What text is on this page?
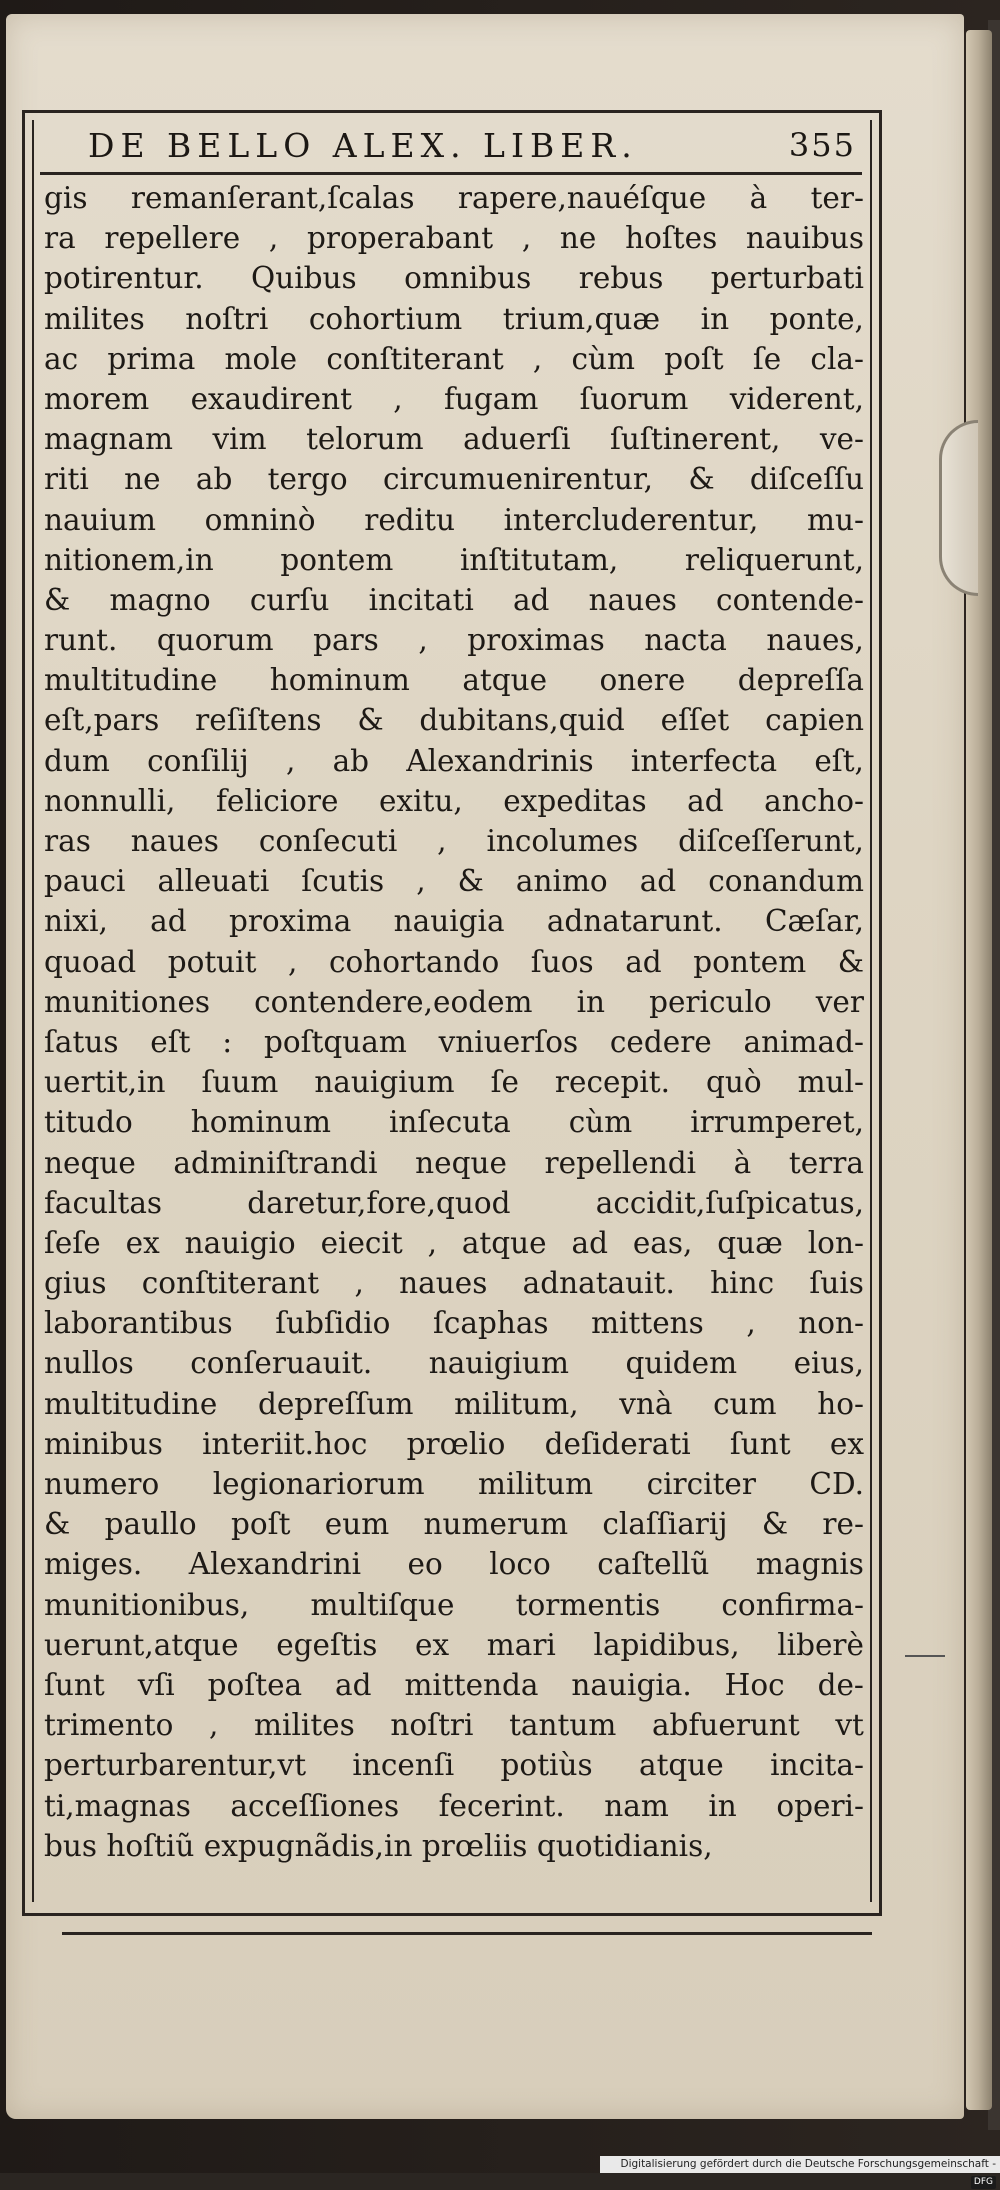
DE BELLO ALEX. LIBER.	355
gis remanſerant,ſcalas rapere,nauéſque à ter-
ra repellere , properabant , ne hoſtes nauibus
potirentur. Quibus omnibus rebus perturbati
milites noſtri cohortium trium,quæ in ponte,
ac prima mole conſtiterant , cùm poſt ſe cla-
morem exaudirent , fugam ſuorum viderent,
magnam vim telorum aduerſi ſuſtinerent, ve-
riti ne ab tergo circumuenirentur, & diſceſſu
nauium omninò reditu intercluderentur, mu-
nitionem,in pontem inſtitutam, reliquerunt,
& magno curſu incitati ad naues contende-
runt. quorum pars , proximas nacta naues,
multitudine hominum atque onere depreſſa
eſt,pars reſiſtens & dubitans,quid eſſet capien
dum conſilij , ab Alexandrinis interfecta eſt,
nonnulli, feliciore exitu, expeditas ad ancho-
ras naues conſecuti , incolumes diſceſſerunt,
pauci alleuati ſcutis , & animo ad conandum
nixi, ad proxima nauigia adnatarunt. Cæſar,
quoad potuit , cohortando ſuos ad pontem &
munitiones contendere,eodem in periculo ver
ſatus eſt : poſtquam vniuerſos cedere animad-
uertit,in ſuum nauigium ſe recepit. quò mul-
titudo hominum inſecuta cùm irrumperet,
neque adminiſtrandi neque repellendi à terra
facultas	daretur,fore,quod	accidit,ſuſpicatus,
ſeſe ex nauigio eiecit , atque ad eas, quæ lon-
gius conſtiterant , naues adnatauit. hinc ſuis
laborantibus ſubſidio ſcaphas mittens , non-
nullos conſeruauit. nauigium quidem eius,
multitudine depreſſum militum, vnà cum ho-
minibus interiit.hoc prœlio deſiderati ſunt ex
numero legionariorum militum circiter CD.
& paullo poſt eum numerum claſſiarij & re-
miges. Alexandrini eo loco caſtellũ magnis
munitionibus, multiſque tormentis confirma-
uerunt,atque egeſtis ex mari lapidibus, liberè
ſunt vſi poſtea ad mittenda nauigia. Hoc de-
trimento , milites noſtri tantum abfuerunt vt
perturbarentur,vt incenſi potiùs atque incita-
ti,magnas acceſſiones fecerint. nam in operi-
bus hoſtiũ expugnãdis,in prœliis quotidianis,
Digitalisierung gefördert durch die Deutsche Forschungsgemeinschaft -DFG
